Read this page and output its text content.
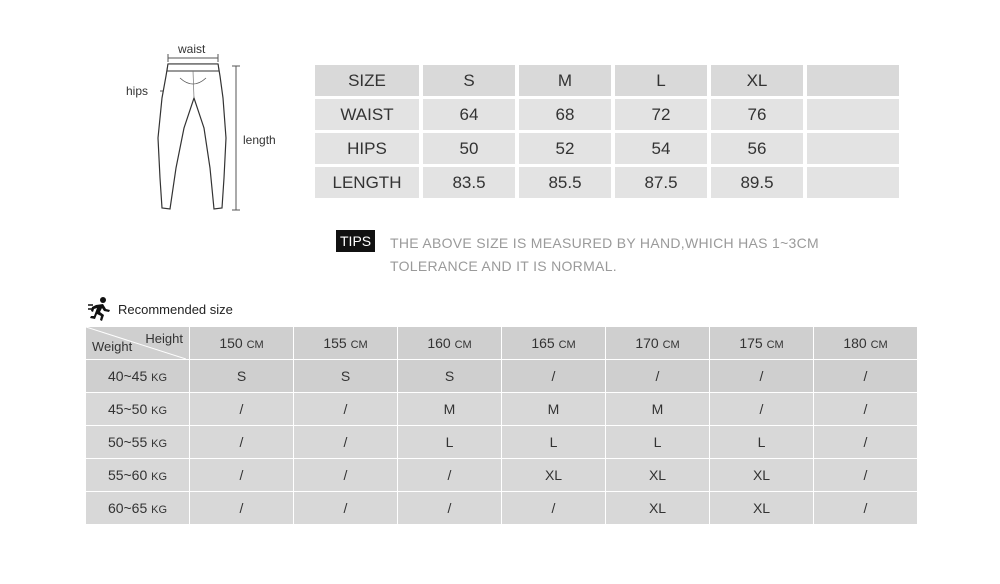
waist
hips
length
SIZE	S	M	L	XL	
WAIST	64	68	72	76	
HIPS	50	52	54	56	
LENGTH	83.5	85.5	87.5	89.5	
TIPS THE ABOVE SIZE IS MEASURED BY HAND,WHICH HAS 1~3CM
TOLERANCE AND IT IS NORMAL.
Recommended size
Height
Weight	150 CM	155 CM	160 CM	165 CM	170 CM	175 CM	180 CM
40~45 KG	S	S	S	/	/	/	/
45~50 KG	/	/	M	M	M	/	/
50~55 KG	/	/	L	L	L	L	/
55~60 KG	/	/	/	XL	XL	XL	/
60~65 KG	/	/	/	/	XL	XL	/
